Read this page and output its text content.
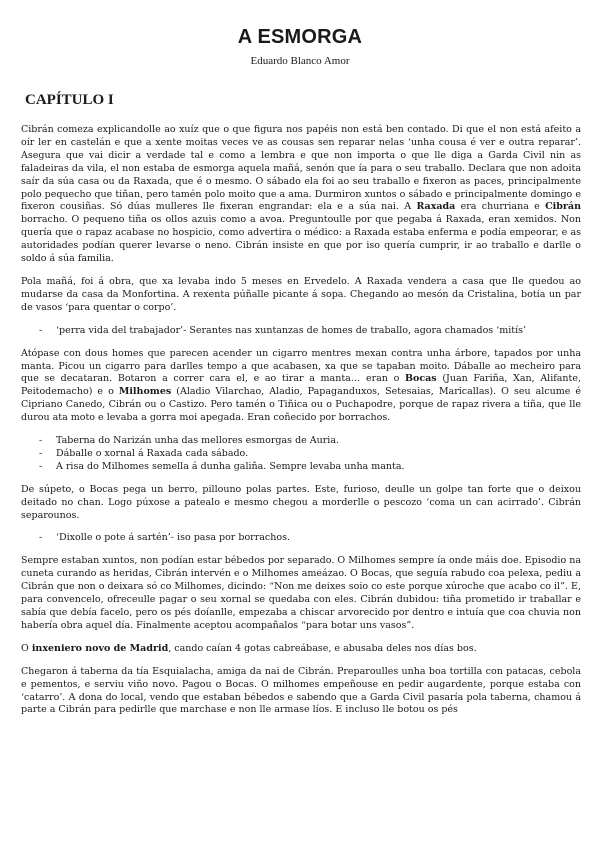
A ESMORGA
Eduardo Blanco Amor
CAPÍTULO I

Cibrán comeza explicandolle ao xuíz que o que figura nos papéis non está ben contado. Di que el non está afeito a oír ler en castelán e que a xente moitas veces ve as cousas sen reparar nelas ‘unha cousa é ver e outra reparar’. Asegura que vai dicir a verdade tal e como a lembra e que non importa o que lle diga a Garda Civil nin as faladeiras da vila, el non estaba de esmorga aquela mañá, senón que ía para o seu traballo. Declara que non adoita saír da súa casa ou da Raxada, que é o mesmo. O sábado ela foi ao seu traballo e fixeron as paces, principalmente polo pequecho que tiñan, pero tamén polo moito que a ama. Durmiron xuntos o sábado e principalmente domingo e fixeron cousiñas. Só dúas mulleres lle fixeran engrandar: ela e a súa nai. A Raxada era churriana e Cibrán borracho. O pequeno tiña os ollos azuis como a avoa. Preguntoulle por que pegaba á Raxada, eran xemidos. Non quería que o rapaz acabase no hospicio, como advertira o médico: a Raxada estaba enferma e podía empeorar, e as autoridades podían querer levarse o neno. Cibrán insiste en que por iso quería cumprir, ir ao traballo e darlle o soldo á súa familia.

Pola mañá, foi á obra, que xa levaba indo 5 meses en Ervedelo. A Raxada vendera a casa que lle quedou ao mudarse da casa da Monfortina. A rexenta púñalle picante á sopa. Chegando ao mesón da Cristalina, botía un par de vasos ‘para quentar o corpo’.

- ‘perra vida del trabajador’- Serantes nas xuntanzas de homes de traballo, agora chamados ‘mitís’

Atópase con dous homes que parecen acender un cigarro mentres mexan contra unha árbore, tapados por unha manta. Picou un cigarro para darlles tempo a que acabasen, xa que se tapaban moito. Dáballe ao mecheiro para que se decataran. Botaron a correr cara el, e ao tirar a manta… eran o Bocas (Juan Fariña, Xan, Alifante, Peitodemacho) e o Milhomes (Aladio Vilarchao, Aladio, Papaganduxos, Setesaias, Maricallas). O seu alcume é Cipriano Canedo, Cibrán ou o Castizo. Pero tamén o Tiñica ou o Puchapodre, porque de rapaz rivera a tiña, que lle durou ata moto e levaba a gorra moi apegada. Eran coñecido por borrachos.

- Taberna do Narizán unha das mellores esmorgas de Auria.
- Dáballe o xornal á Raxada cada sábado.
- A risa do Milhomes semella á dunha galiña. Sempre levaba unha manta.

De súpeto, o Bocas pega un berro, pillouno polas partes. Este, furioso, deulle un golpe tan forte que o deixou deitado no chan. Logo púxose a patealo e mesmo chegou a morderlle o pescozo ‘coma un can acirrado’. Cibrán separounos.

- ‘Dixolle o pote á sartén’- iso pasa por borrachos.

Sempre estaban xuntos, non podían estar bébedos por separado. O Milhomes sempre ía onde máis doe. Episodio na cuneta curando as heridas, Cibrán intervén e o Milhomes ameázao. O Bocas, que seguía rabudo coa pelexa, pediu a Cibrán que non o deixara só co Milhomes, dicindo: “Non me deixes soio co este porque xúroche que acabo co il”. E, para convencelo, ofreceulle pagar o seu xornal se quedaba con eles. Cibrán dubidou: tiña prometido ir traballar e sabía que debía facelo, pero os pés doíanlle, empezaba a chiscar arvorecido por dentro e intuía que coa chuvia non habería obra aquel día. Finalmente aceptou acompañalos “para botar uns vasos”.

O inxeniero novo de Madrid, cando caían 4 gotas cabreábase, e abusaba deles nos días bos.

Chegaron á taberna da tía Esquialacha, amiga da nai de Cibrán. Preparoulles unha boa tortilla con patacas, cebola e pementos, e serviu viño novo. Pagou o Bocas. O milhomes empeñouse en pedir augardente, porque estaba con ‘catarro’. A dona do local, vendo que estaban bébedos e sabendo que a Garda Civil pasaría pola taberna, chamou á parte a Cibrán para pedirlle que marchase e non lle armase líos. E incluso lle botou os pés
